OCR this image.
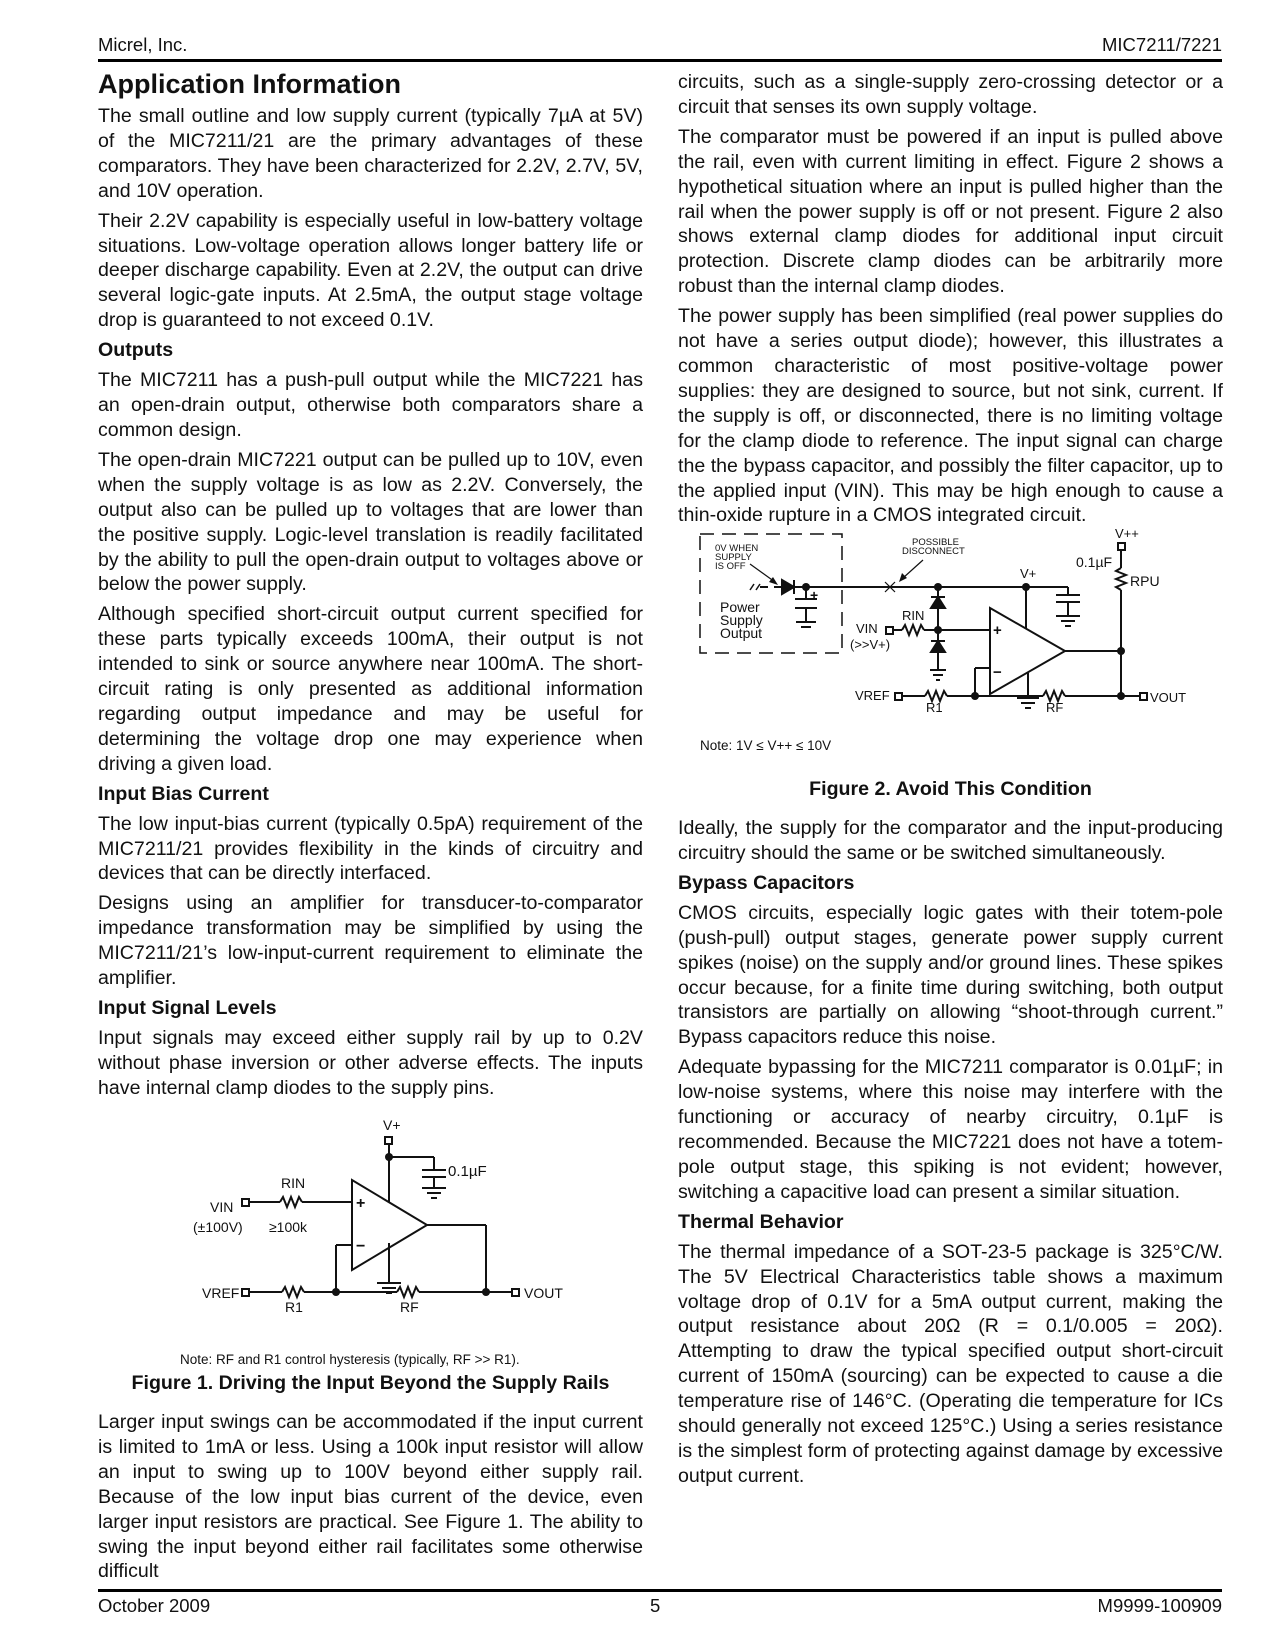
Micrel, Inc.	MIC7211/7221
Application Information

The small outline and low supply current (typically 7µA at 5V) of the MIC7211/21 are the primary advantages of these comparators. They have been characterized for 2.2V, 2.7V, 5V, and 10V operation.

Their 2.2V capability is especially useful in low-battery voltage situations. Low-voltage operation allows longer battery life or deeper discharge capability. Even at 2.2V, the output can drive several logic-gate inputs. At 2.5mA, the output stage voltage drop is guaranteed to not exceed 0.1V.

Outputs

The MIC7211 has a push-pull output while the MIC7221 has an open-drain output, otherwise both comparators share a common design.

The open-drain MIC7221 output can be pulled up to 10V, even when the supply voltage is as low as 2.2V. Conversely, the output also can be pulled up to voltages that are lower than the positive supply. Logic-level translation is readily facilitated by the ability to pull the open-drain output to voltages above or below the power supply.

Although specified short-circuit output current specified for these parts typically exceeds 100mA, their output is not intended to sink or source anywhere near 100mA. The short-circuit rating is only presented as additional information regarding output impedance and may be useful for determining the voltage drop one may experience when driving a given load.

Input Bias Current

The low input-bias current (typically 0.5pA) requirement of the MIC7211/21 provides flexibility in the kinds of circuitry and devices that can be directly interfaced.

Designs using an amplifier for transducer-to-comparator impedance transformation may be simplified by using the MIC7211/21’s low-input-current requirement to eliminate the amplifier.

Input Signal Levels

Input signals may exceed either supply rail by up to 0.2V without phase inversion or other adverse effects. The inputs have internal clamp diodes to the supply pins.

V+
0.1µF
+
−
VIN
(±100V) ≥100k
RIN
VREF	VOUT
R1	RF
Note: RF and R1 control hysteresis (typically, RF >> R1).
Figure 1. Driving the Input Beyond the Supply Rails

Larger input swings can be accommodated if the input current is limited to 1mA or less. Using a 100k input resistor will allow an input to swing up to 100V beyond either supply rail. Because of the low input bias current of the device, even larger input resistors are practical. See Figure 1. The ability to swing the input beyond either rail facilitates some otherwise difficult

circuits, such as a single-supply zero-crossing detector or a circuit that senses its own supply voltage.

The comparator must be powered if an input is pulled above the rail, even with current limiting in effect. Figure 2 shows a hypothetical situation where an input is pulled higher than the rail when the power supply is off or not present. Figure 2 also shows external clamp diodes for additional input circuit protection. Discrete clamp diodes can be arbitrarily more robust than the internal clamp diodes.

The power supply has been simplified (real power supplies do not have a series output diode); however, this illustrates a common characteristic of most positive-voltage power supplies: they are designed to source, but not sink, current. If the supply is off, or disconnected, there is no limiting voltage for the clamp diode to reference. The input signal can charge the the bypass capacitor, and possibly the filter capacitor, up to the applied input (VIN). This may be high enough to cause a thin-oxide rupture in a CMOS integrated circuit.

0V WHEN
SUPPLY
IS OFF
Power
Supply
Output
+
POSSIBLE
DISCONNECT
VIN
(>>V+)
RIN
+
−
V+
0.1µF
V++
RPU
VREF	VOUT
R1	RF
Note: 1V ≤ V++ ≤ 10V
Figure 2. Avoid This Condition

Ideally, the supply for the comparator and the input-producing circuitry should the same or be switched simultaneously.

Bypass Capacitors

CMOS circuits, especially logic gates with their totem-pole (push-pull) output stages, generate power supply current spikes (noise) on the supply and/or ground lines. These spikes occur because, for a finite time during switching, both output transistors are partially on allowing “shoot-through current.” Bypass capacitors reduce this noise.

Adequate bypassing for the MIC7211 comparator is 0.01µF; in low-noise systems, where this noise may interfere with the functioning or accuracy of nearby circuitry, 0.1µF is recommended. Because the MIC7221 does not have a totem-pole output stage, this spiking is not evident; however, switching a capacitive load can present a similar situation.

Thermal Behavior

The thermal impedance of a SOT-23-5 package is 325°C/W. The 5V Electrical Characteristics table shows a maximum voltage drop of 0.1V for a 5mA output current, making the output resistance about 20Ω (R = 0.1/0.005 = 20Ω). Attempting to draw the typical specified output short-circuit current of 150mA (sourcing) can be expected to cause a die temperature rise of 146°C. (Operating die temperature for ICs should generally not exceed 125°C.) Using a series resistance is the simplest form of protecting against damage by excessive output current.

October 2009	5	M9999-100909
